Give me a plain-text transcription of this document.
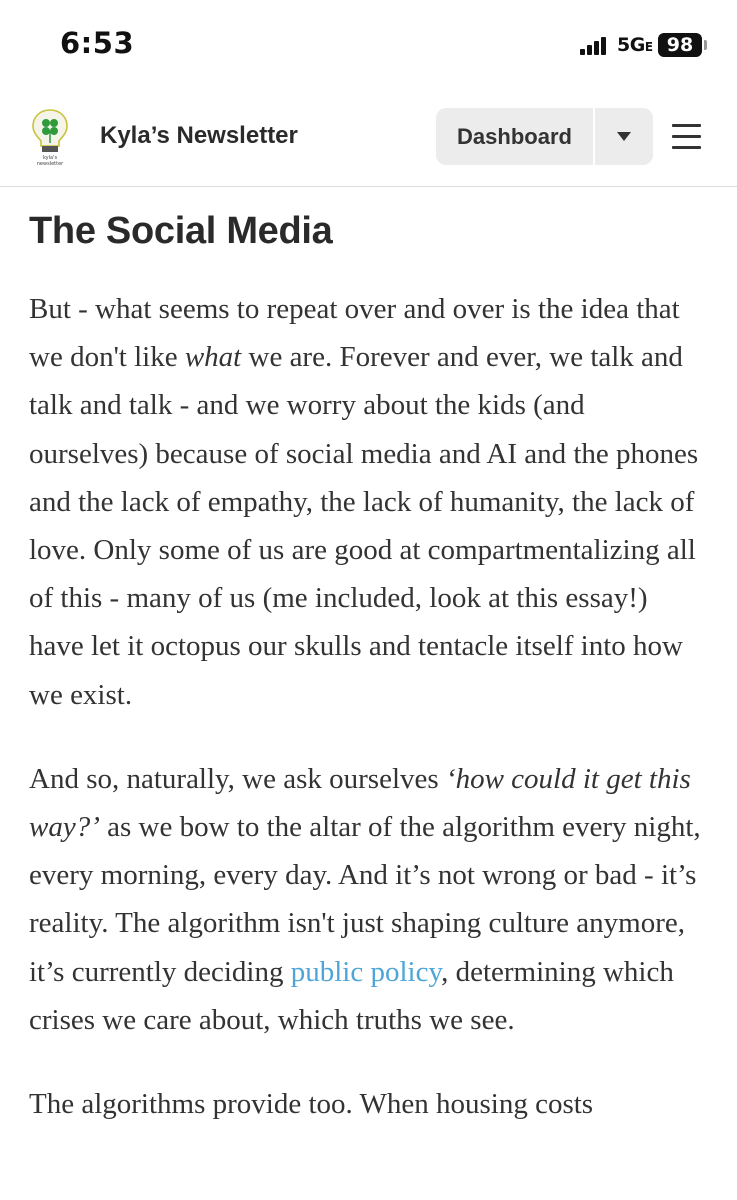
6:53	5GE 98
kyla's
newsletter
Kyla’s Newsletter	Dashboard
The Social Media

But - what seems to repeat over and over is the idea that we don't like what we are. Forever and ever, we talk and talk and talk - and we worry about the kids (and ourselves) because of social media and AI and the phones and the lack of empathy, the lack of humanity, the lack of love. Only some of us are good at compartmentalizing all of this - many of us (me included, look at this essay!) have let it octopus our skulls and tentacle itself into how we exist.

And so, naturally, we ask ourselves ‘how could it get this way?’ as we bow to the altar of the algorithm every night, every morning, every day. And it’s not wrong or bad - it’s reality. The algorithm isn't just shaping culture anymore, it’s currently deciding public policy, determining which crises we care about, which truths we see.

The algorithms provide too. When housing costs
